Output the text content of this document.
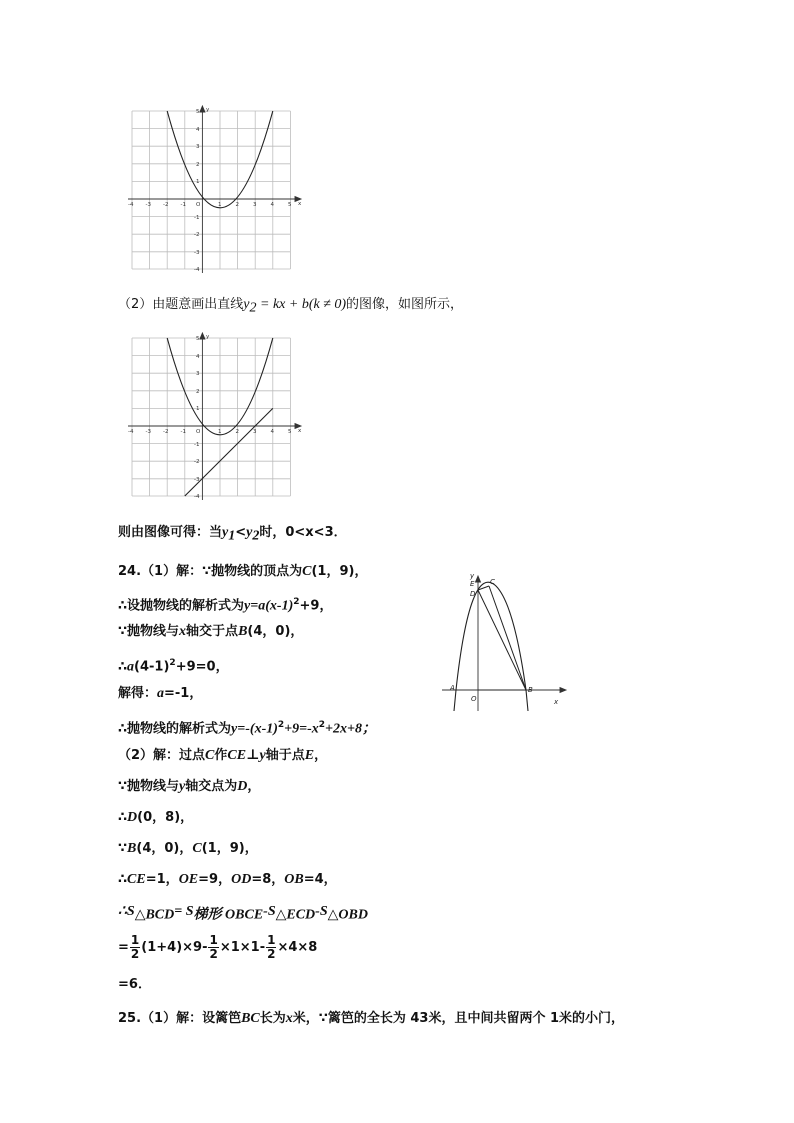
-4 -3 -2 -1 O	1	2	3	4	5 x
5
4
3
2
1
-1
-2
-3
-4
y
（2）由题意画出直线$y_2$ = kx + b(k ≠ 0)的图像，如图所示，
-4 -3 -2 -1 O	1	2	3	4	5 x
5
4
3
2
1
-1
-2
-3
-4
y
则由图像可得：当$y_1<y_2$时，0<x<3．
y
E C
D
A
O
B
x
24.（1）解：∵抛物线的顶点为C(1，9)，
∴设抛物线的解析式为$y=a(x-1)^2+9$，
∵抛物线与x轴交于点B(4，0)，
$\therefore a(4-1)^2+9=0$，
解得：a=-1，
∴抛物线的解析式为$y=-(x-1)^2+9=-x^2+2x+8$；
（2）解：过点C作CE⊥y轴于点E，
∵抛物线与y轴交点为D，
∴D(0，8)，
∵B(4，0)，C(1，9)，
∴CE=1，OE=9，OD=8，OB=4，
$\therefore S_{\triangle BCD}= S_{梯形 OBCE}-S_{\triangle ECD}-S_{\triangle OBD}$
= $\frac{1}{2} (1+4)\times 9- \frac{1}{2} \times 1\times 1- \frac{1}{2} \times 4\times 8$
=6．
25.（1）解：设篱笆BC长为x米，∵篱笆的全长为 43米，且中间共留两个 1米的小门，
